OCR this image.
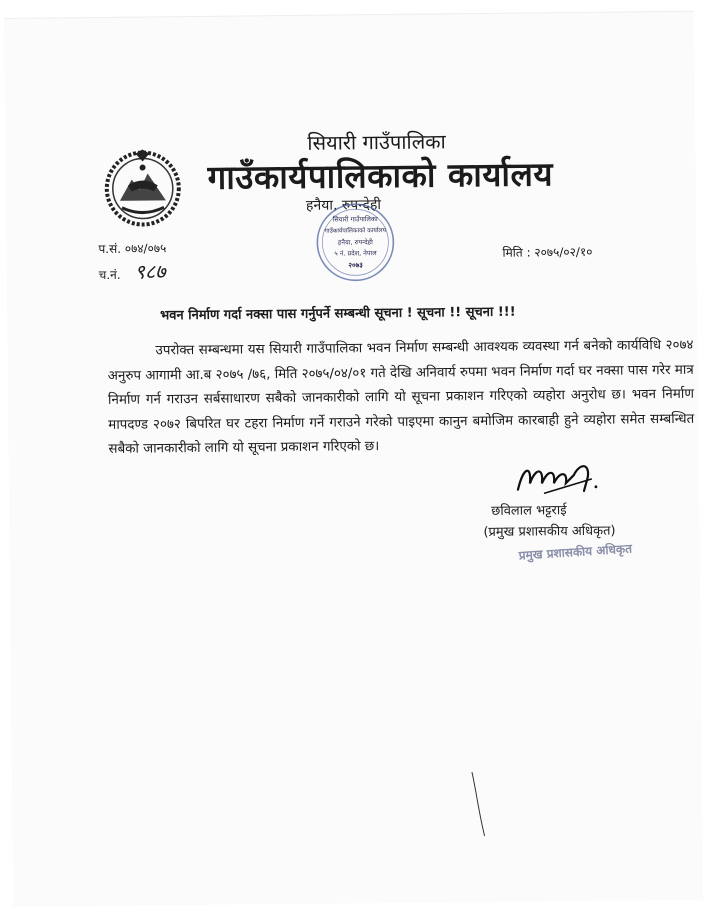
सियारी गाउँपालिका
गाउँकार्यपालिकाको कार्यालय
हनैया, रुपन्देही
प.सं. ०७४/०७५
च.नं. ९८७
मिति : २०७५/०२/१०
सियारी गाउँपालिका
गाउँकार्यपालिकाको कार्यालय
हनैया, रुपन्देही
५ नं. प्रदेश, नेपाल
२०७३
भवन निर्माण गर्दा नक्सा पास गर्नुपर्ने सम्बन्धी सूचना ! सूचना !! सूचना !!!

उपरोक्त सम्बन्धमा यस सियारी गाउँपालिका भवन निर्माण सम्बन्धी आवश्यक व्यवस्था गर्न बनेको कार्यविधि २०७४ अनुरुप आगामी आ.ब २०७५ /७६, मिति २०७५/०४/०१ गते देखि अनिवार्य रुपमा भवन निर्माण गर्दा घर नक्सा पास गरेर मात्र निर्माण गर्न गराउन सर्बसाधारण सबैको जानकारीको लागि यो सूचना प्रकाशन गरिएको व्यहोरा अनुरोध छ। भवन निर्माण मापदण्ड २०७२ बिपरित घर टहरा निर्माण गर्ने गराउने गरेको पाइएमा कानुन बमोजिम कारबाही हुने व्यहोरा समेत सम्बन्धित सबैको जानकारीको लागि यो सूचना प्रकाशन गरिएको छ।

छविलाल भट्टराई
(प्रमुख प्रशासकीय अधिकृत)
प्रमुख प्रशासकीय अधिकृत
